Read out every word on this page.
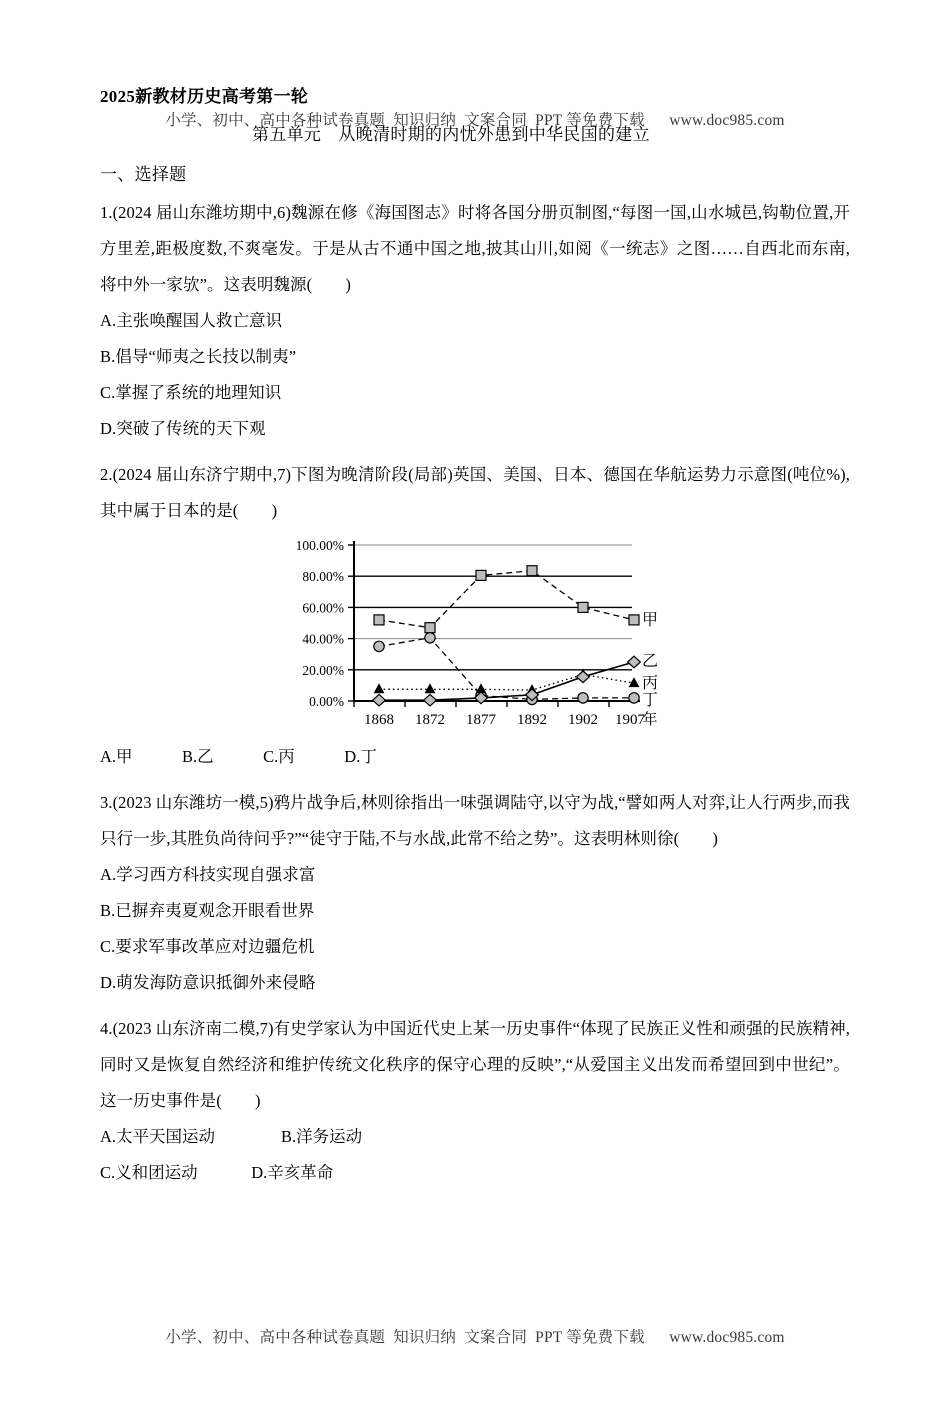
小学、初中、高中各种试卷真题  知识归纳  文案合同  PPT 等免费下载      www.doc985.com
2025新教材历史高考第一轮
第五单元　从晚清时期的内忧外患到中华民国的建立
一、选择题
1.(2024 届山东潍坊期中,6)魏源在修《海国图志》时将各国分册页制图,“每图一国,山水城邑,钩勒位置,开方里差,距极度数,不爽毫发。于是从古不通中国之地,披其山川,如阅《一统志》之图……自西北而东南,将中外一家欤”。这表明魏源(　　)
A.主张唤醒国人救亡意识
B.倡导“师夷之长技以制夷”
C.掌握了系统的地理知识
D.突破了传统的天下观
2.(2024 届山东济宁期中,7)下图为晚清阶段(局部)英国、美国、日本、德国在华航运势力示意图(吨位%),其中属于日本的是(　　)
100.00%
80.00%
60.00%
40.00%
20.00%
0.00%
甲
乙
丙
丁
1868 1872 1877 1892 1902 1907
年
A.甲　　　B.乙　　　C.丙　　　D.丁
3.(2023 山东潍坊一模,5)鸦片战争后,林则徐指出一味强调陆守,以守为战,“譬如两人对弈,让人行两步,而我只行一步,其胜负尚待问乎?”“徒守于陆,不与水战,此常不给之势”。这表明林则徐(　　)
A.学习西方科技实现自强求富
B.已摒弃夷夏观念开眼看世界
C.要求军事改革应对边疆危机
D.萌发海防意识抵御外来侵略
4.(2023 山东济南二模,7)有史学家认为中国近代史上某一历史事件“体现了民族正义性和顽强的民族精神,同时又是恢复自然经济和维护传统文化秩序的保守心理的反映”,“从爱国主义出发而希望回到中世纪”。这一历史事件是(　　)
A.太平天国运动　　　　B.洋务运动
C.义和团运动　　　 D.辛亥革命
小学、初中、高中各种试卷真题  知识归纳  文案合同  PPT 等免费下载      www.doc985.com
